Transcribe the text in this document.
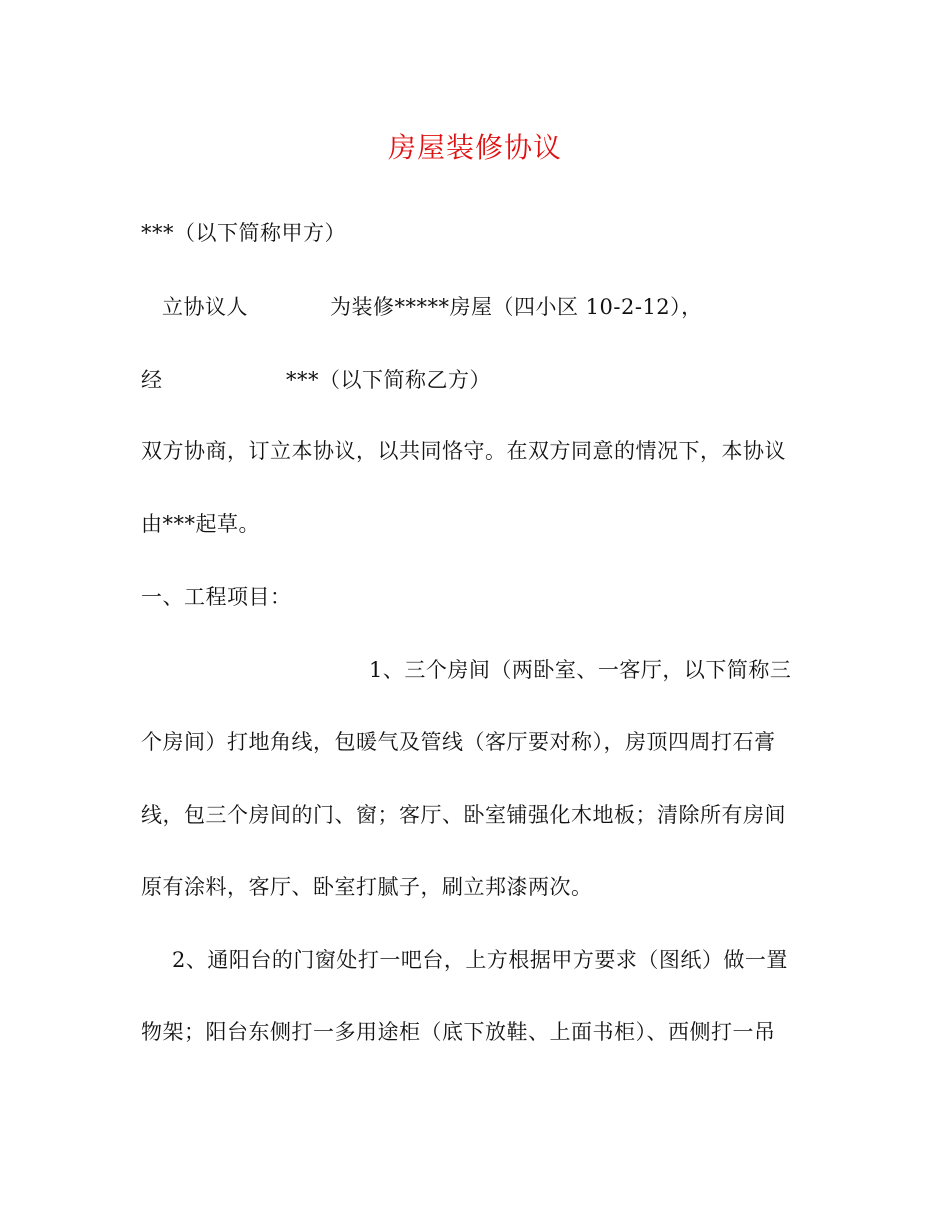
房屋装修协议
***（以下简称甲方）

立协议人

	为装修*****房屋（四小区 10-2-12），

经

	***（以下简称乙方）

双方协商，订立本协议，以共同恪守。在双方同意的情况下，本协议
由***起草。
一、工程项目：
1、三个房间（两卧室、一客厅，以下简称三
个房间）打地角线，包暖气及管线（客厅要对称），房顶四周打石膏
线，包三个房间的门、窗；客厅、卧室铺强化木地板；清除所有房间
原有涂料，客厅、卧室打腻子，刷立邦漆两次。
2、通阳台的门窗处打一吧台，上方根据甲方要求（图纸）做一置
物架；阳台东侧打一多用途柜（底下放鞋、上面书柜）、西侧打一吊
